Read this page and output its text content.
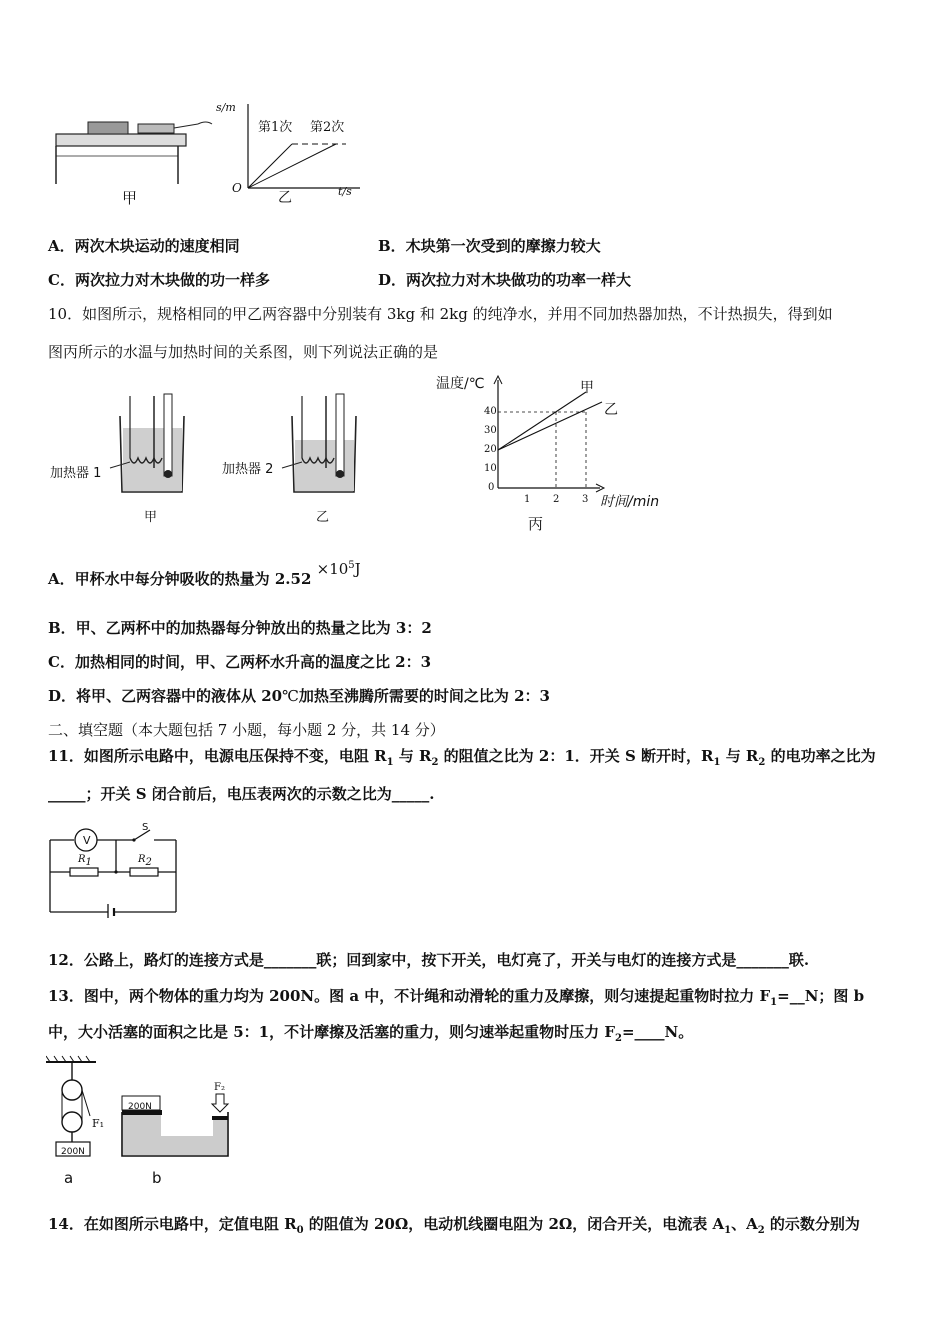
甲
s/m
t/s
O
第1次 第2次
乙
A．两次木块运动的速度相同	B．木块第一次受到的摩擦力较大
C．两次拉力对木块做的功一样多	D．两次拉力对木块做功的功率一样大
10．如图所示，规格相同的甲乙两容器中分别装有 3kg 和 2kg 的纯净水，并用不同加热器加热，不计热损失，得到如
图丙所示的水温与加热时间的关系图，则下列说法正确的是
加热器 1
甲
加热器 2
乙
温度/℃	甲
乙
40
30
20
10
0
1 2 3 时间/min
丙
A．甲杯水中每分钟吸收的热量为 $2.52 \times 10^5J$
B．甲、乙两杯中的加热器每分钟放出的热量之比为 3：2
C．加热相同的时间，甲、乙两杯水升高的温度之比 2：3
D．将甲、乙两容器中的液体从 20℃加热至沸腾所需要的时间之比为 2：3
二、填空题（本大题包括 7 小题，每小题 2 分，共 14 分）
11．如图所示电路中，电源电压保持不变，电阻 $R_1$ 与 $R_2$ 的阻值之比为 2：1．开关 S 断开时，$R_1$ 与 $R_2$ 的电功率之比为
_____；开关 S 闭合前后，电压表两次的示数之比为_____.
V
S
R1	R2
12．公路上，路灯的连接方式是_______联；回到家中，按下开关，电灯亮了，开关与电灯的连接方式是_______联.
13．图中，两个物体的重力均为 200N。图 a 中，不计绳和动滑轮的重力及摩擦，则匀速提起重物时拉力 $F_1=\_\_N$；图 b
中，大小活塞的面积之比是 5：1，不计摩擦及活塞的重力，则匀速举起重物时压力 $F_2=\_\_\_\_N$。
200N
F₁
a
200N
F₂
b
14．在如图所示电路中，定值电阻 $R_0$ 的阻值为 20Ω，电动机线圈电阻为 2Ω，闭合开关，电流表 $A_1$、$A_2$ 的示数分别为
